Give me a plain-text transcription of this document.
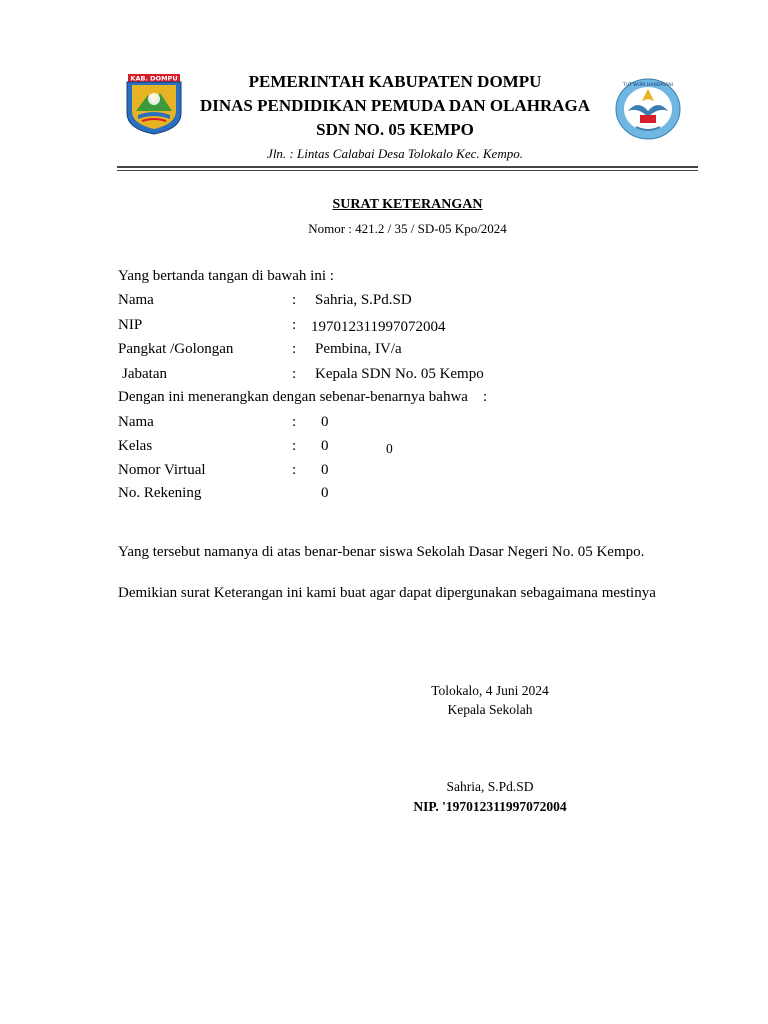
KAB. DOMPU
TUT WURI HANDAYANI
PEMERINTAH KABUPATEN DOMPU
DINAS PENDIDIKAN PEMUDA DAN OLAHRAGA
SDN NO. 05 KEMPO
Jln. : Lintas Calabai Desa Tolokalo Kec. Kempo.
SURAT KETERANGAN
Nomor : 421.2 / 35 / SD-05 Kpo/2024
Yang bertanda tangan di bawah ini :
Nama	: Sahria, S.Pd.SD
NIP	: 197012311997072004
Pangkat /Golongan	: Pembina, IV/a
Jabatan	: Kepala SDN No. 05 Kempo
Dengan ini menerangkan dengan sebenar-benarnya bahwa :
Nama	: 0
Kelas	: 0	0
Nomor Virtual	: 0
No. Rekening	0
Yang tersebut namanya di atas benar-benar siswa Sekolah Dasar Negeri No. 05 Kempo.
Demikian surat Keterangan ini kami buat agar dapat dipergunakan sebagaimana mestinya
Tolokalo, 4 Juni 2024
Kepala Sekolah
Sahria, S.Pd.SD
NIP. '197012311997072004
